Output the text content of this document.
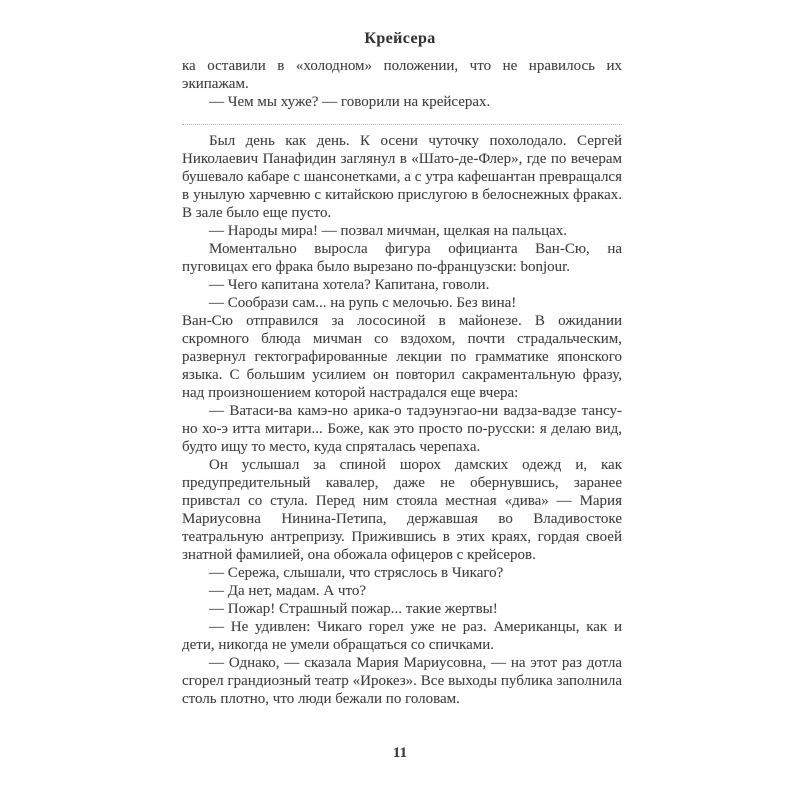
Крейсера

ка оставили в «холодном» положении, что не нравилось их экипажам.

— Чем мы хуже? — говорили на крейсерах.

Был день как день. К осени чуточку похолодало. Сергей Николаевич Панафидин заглянул в «Шато-де-Флер», где по вечерам бушевало кабаре с шансонетками, а с утра кафешантан превращался в унылую харчевню с китайскою прислугою в белоснежных фраках. В зале было еще пусто.

— Народы мира! — позвал мичман, щелкая на пальцах.

Моментально выросла фигура официанта Ван-Сю, на пуговицах его фрака было вырезано по-французски: bonjour.

— Чего капитана хотела? Капитана, говоли.

— Сообрази сам... на рупь с мелочью. Без вина!

Ван-Сю отправился за лососиной в майонезе. В ожидании скромного блюда мичман со вздохом, почти страдальческим, развернул гектографированные лекции по грамматике японского языка. С большим усилием он повторил сакраментальную фразу, над произношением которой настрадался еще вчера:

— Ватаси-ва камэ-но арика-о тадэунэгао-ни вадза-вадзе тансу-но хо-э итта митари... Боже, как это просто по-русски: я делаю вид, будто ищу то место, куда спряталась черепаха.

Он услышал за спиной шорох дамских одежд и, как предупредительный кавалер, даже не обернувшись, заранее привстал со стула. Перед ним стояла местная «дива» — Мария Мариусовна Нинина-Петипа, державшая во Владивостоке театральную антрепризу. Прижившись в этих краях, гордая своей знатной фамилией, она обожала офицеров с крейсеров.

— Сережа, слышали, что стряслось в Чикаго?

— Да нет, мадам. А что?

— Пожар! Страшный пожар... такие жертвы!

— Не удивлен: Чикаго горел уже не раз. Американцы, как и дети, никогда не умели обращаться со спичками.

— Однако, — сказала Мария Мариусовна, — на этот раз дотла сгорел грандиозный театр «Ирокез». Все выходы публика заполнила столь плотно, что люди бежали по головам.

11
